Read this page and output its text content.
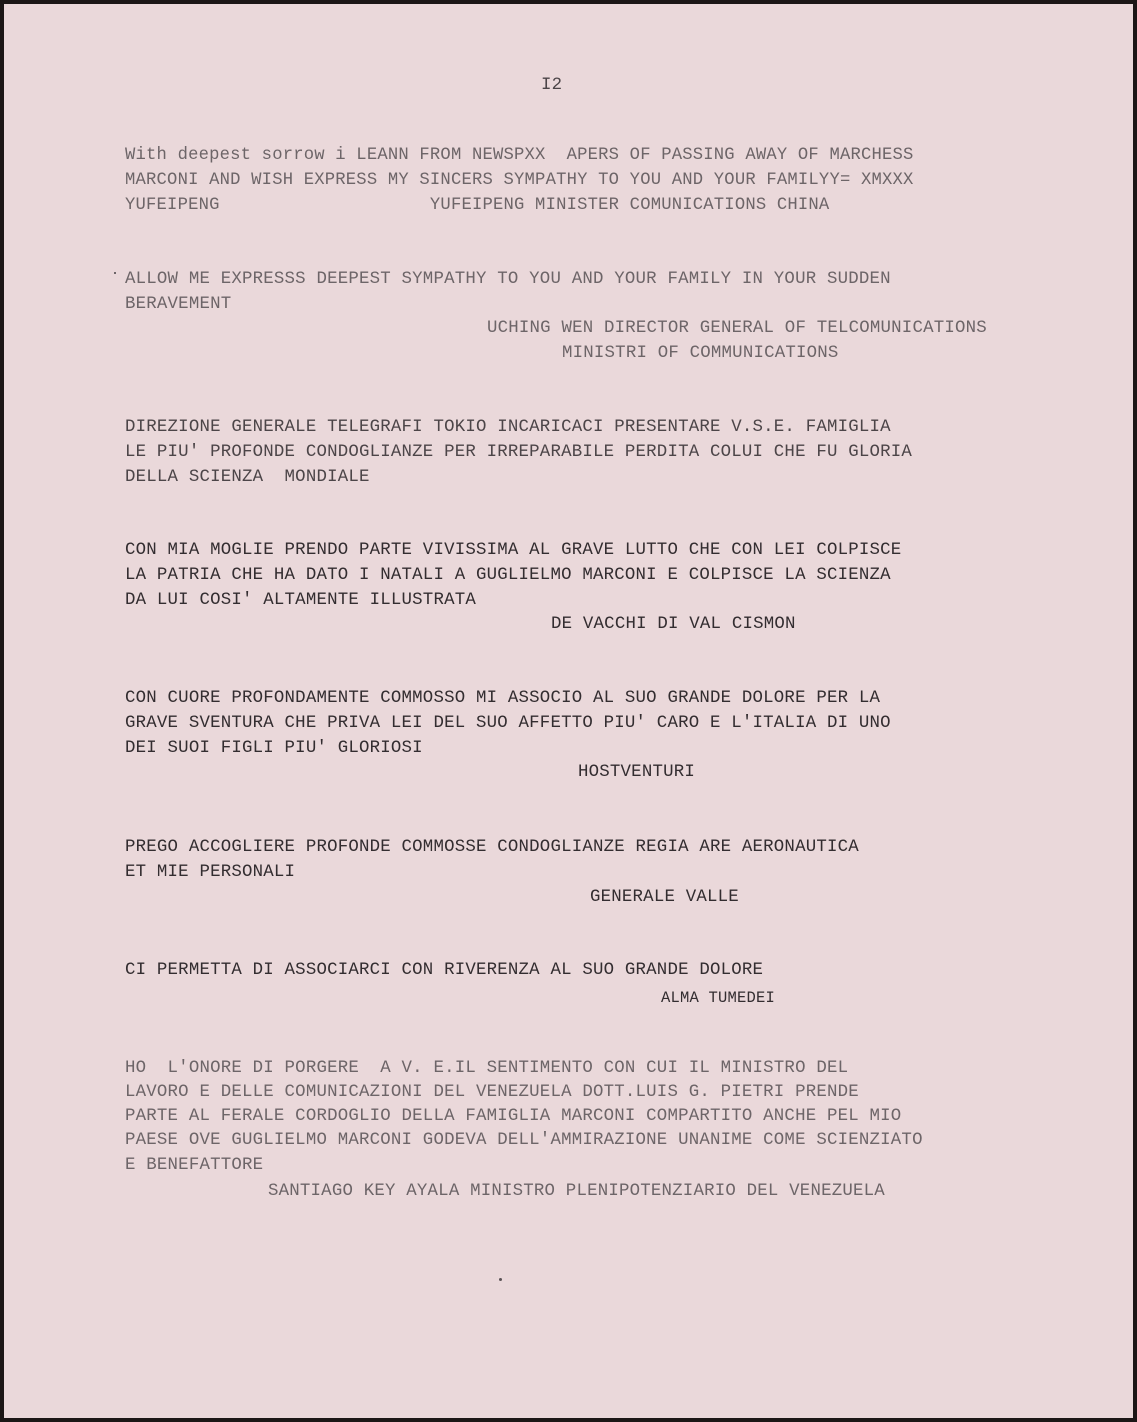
I2

With deepest sorrow i LEANN FROM NEWSPXX  APERS OF PASSING AWAY OF MARCHESS

MARCONI AND WISH EXPRESS MY SINCERS SYMPATHY TO YOU AND YOUR FAMILYY= XMXXX

YUFEIPENG                    YUFEIPENG MINISTER COMUNICATIONS CHINA

ALLOW ME EXPRESSS DEEPEST SYMPATHY TO YOU AND YOUR FAMILY IN YOUR SUDDEN

BERAVEMENT

UCHING WEN DIRECTOR GENERAL OF TELCOMUNICATIONS

MINISTRI OF COMMUNICATIONS

DIREZIONE GENERALE TELEGRAFI TOKIO INCARICACI PRESENTARE V.S.E. FAMIGLIA

LE PIU' PROFONDE CONDOGLIANZE PER IRREPARABILE PERDITA COLUI CHE FU GLORIA

DELLA SCIENZA  MONDIALE

CON MIA MOGLIE PRENDO PARTE VIVISSIMA AL GRAVE LUTTO CHE CON LEI COLPISCE

LA PATRIA CHE HA DATO I NATALI A GUGLIELMO MARCONI E COLPISCE LA SCIENZA

DA LUI COSI' ALTAMENTE ILLUSTRATA

DE VACCHI DI VAL CISMON

CON CUORE PROFONDAMENTE COMMOSSO MI ASSOCIO AL SUO GRANDE DOLORE PER LA

GRAVE SVENTURA CHE PRIVA LEI DEL SUO AFFETTO PIU' CARO E L'ITALIA DI UNO

DEI SUOI FIGLI PIU' GLORIOSI

HOSTVENTURI

PREGO ACCOGLIERE PROFONDE COMMOSSE CONDOGLIANZE REGIA ARE AERONAUTICA

ET MIE PERSONALI

GENERALE VALLE

CI PERMETTA DI ASSOCIARCI CON RIVERENZA AL SUO GRANDE DOLORE

ALMA TUMEDEI

HO  L'ONORE DI PORGERE  A V. E.IL SENTIMENTO CON CUI IL MINISTRO DEL

LAVORO E DELLE COMUNICAZIONI DEL VENEZUELA DOTT.LUIS G. PIETRI PRENDE

PARTE AL FERALE CORDOGLIO DELLA FAMIGLIA MARCONI COMPARTITO ANCHE PEL MIO

PAESE OVE GUGLIELMO MARCONI GODEVA DELL'AMMIRAZIONE UNANIME COME SCIENZIATO

E BENEFATTORE

SANTIAGO KEY AYALA MINISTRO PLENIPOTENZIARIO DEL VENEZUELA
